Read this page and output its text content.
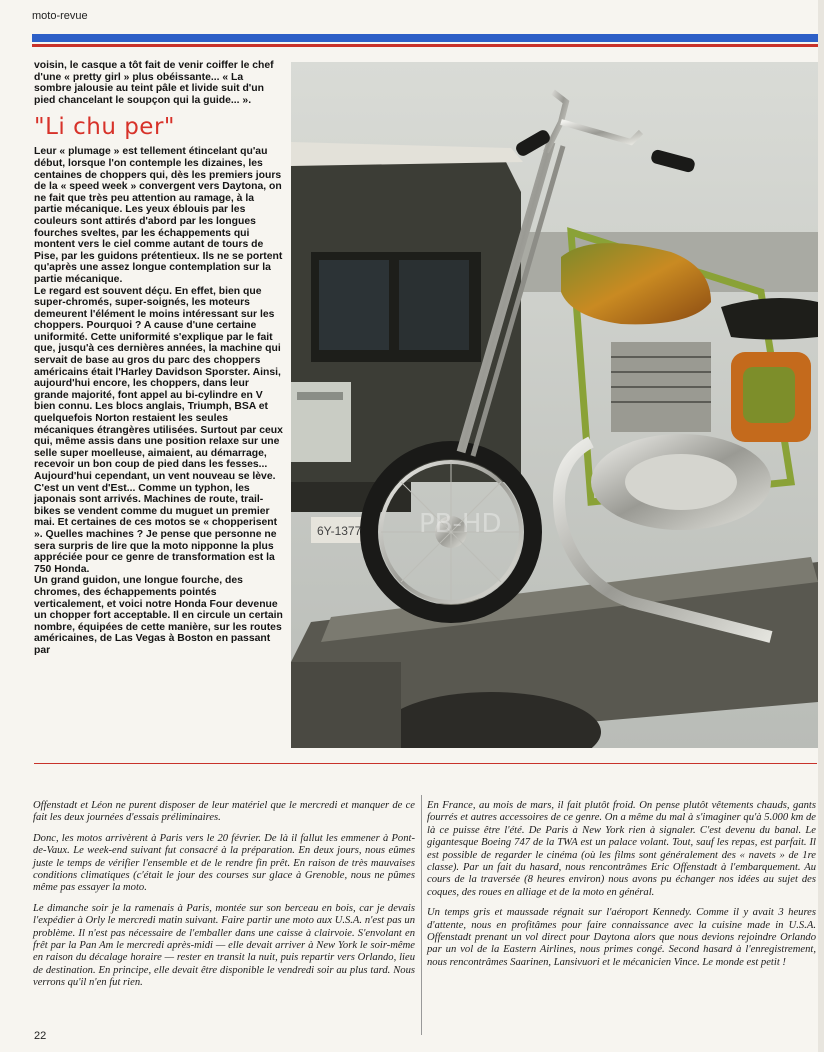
moto-revue

voisin, le casque a tôt fait de venir coiffer le chef d'une « pretty girl » plus obéissante... « La sombre jalousie au teint pâle et livide suit d'un pied chancelant le soupçon qui la guide... ».

"Li chu per"

Leur « plumage » est tellement étincelant qu'au début, lorsque l'on contemple les dizaines, les centaines de choppers qui, dès les premiers jours de la « speed week » convergent vers Daytona, on ne fait que très peu attention au ramage, à la partie mécanique. Les yeux éblouis par les couleurs sont attirés d'abord par les longues fourches sveltes, par les échappements qui montent vers le ciel comme autant de tours de Pise, par les guidons prétentieux. Ils ne se portent qu'après une assez longue contemplation sur la partie mécanique.

Le regard est souvent déçu. En effet, bien que super-chromés, super-soignés, les moteurs demeurent l'élément le moins intéressant sur les choppers. Pourquoi ? A cause d'une certaine uniformité. Cette uniformité s'explique par le fait que, jusqu'à ces dernières années, la machine qui servait de base au gros du parc des choppers américains était l'Harley Davidson Sporster. Ainsi, aujourd'hui encore, les choppers, dans leur grande majorité, font appel au bi-cylindre en V bien connu. Les blocs anglais, Triumph, BSA et quelquefois Norton restaient les seules mécaniques étrangères utilisées. Surtout par ceux qui, même assis dans une position relaxe sur une selle super moelleuse, aimaient, au démarrage, recevoir un bon coup de pied dans les fesses...

Aujourd'hui cependant, un vent nouveau se lève. C'est un vent d'Est... Comme un typhon, les japonais sont arrivés. Machines de route, trail-bikes se vendent comme du muguet un premier mai. Et certaines de ces motos se « chopperisent ». Quelles machines ? Je pense que personne ne sera surpris de lire que la moto nipponne la plus appréciée pour ce genre de transformation est la 750 Honda.

Un grand guidon, une longue fourche, des chromes, des échappements pointés verticalement, et voici notre Honda Four devenue un chopper fort acceptable. Il en circule un certain nombre, équipées de cette manière, sur les routes américaines, de Las Vegas à Boston en passant par

6Y-1377 PB-HD

Offenstadt et Léon ne purent disposer de leur matériel que le mercredi et manquer de ce fait les deux journées d'essais préliminaires.

Donc, les motos arrivèrent à Paris vers le 20 février. De là il fallut les emmener à Pont-de-Vaux. Le week-end suivant fut consacré à la préparation. En deux jours, nous eûmes juste le temps de vérifier l'ensemble et de le rendre fin prêt. En raison de très mauvaises conditions climatiques (c'était le jour des courses sur glace à Grenoble, nous ne pûmes même pas essayer la moto.

Le dimanche soir je la ramenais à Paris, montée sur son berceau en bois, car je devais l'expédier à Orly le mercredi matin suivant. Faire partir une moto aux U.S.A. n'est pas un problème. Il n'est pas nécessaire de l'emballer dans une caisse à clairvoie. S'envolant en frêt par la Pan Am le mercredi après-midi — elle devait arriver à New York le soir-même en raison du décalage horaire — rester en transit la nuit, puis repartir vers Orlando, lieu de destination. En principe, elle devait être disponible le vendredi soir au plus tard. Nous verrons qu'il n'en fut rien.

En France, au mois de mars, il fait plutôt froid. On pense plutôt vêtements chauds, gants fourrés et autres accessoires de ce genre. On a même du mal à s'imaginer qu'à 5.000 km de là ce puisse être l'été. De Paris à New York rien à signaler. C'est devenu du banal. Le gigantesque Boeing 747 de la TWA est un palace volant. Tout, sauf les repas, est parfait. Il est possible de regarder le cinéma (où les films sont généralement des « navets » de 1re classe). Par un fait du hasard, nous rencontrâmes Eric Offenstadt à l'embarquement. Au cours de la traversée (8 heures environ) nous avons pu échanger nos idées au sujet des coques, des roues en alliage et de la moto en général.

Un temps gris et maussade régnait sur l'aéroport Kennedy. Comme il y avait 3 heures d'attente, nous en profitâmes pour faire connaissance avec la cuisine made in U.S.A. Offenstadt prenant un vol direct pour Daytona alors que nous devions rejoindre Orlando par un vol de la Eastern Airlines, nous primes congé. Second hasard à l'enregistrement, nous rencontrâmes Saarinen, Lansivuori et le mécanicien Vince. Le monde est petit !

22
